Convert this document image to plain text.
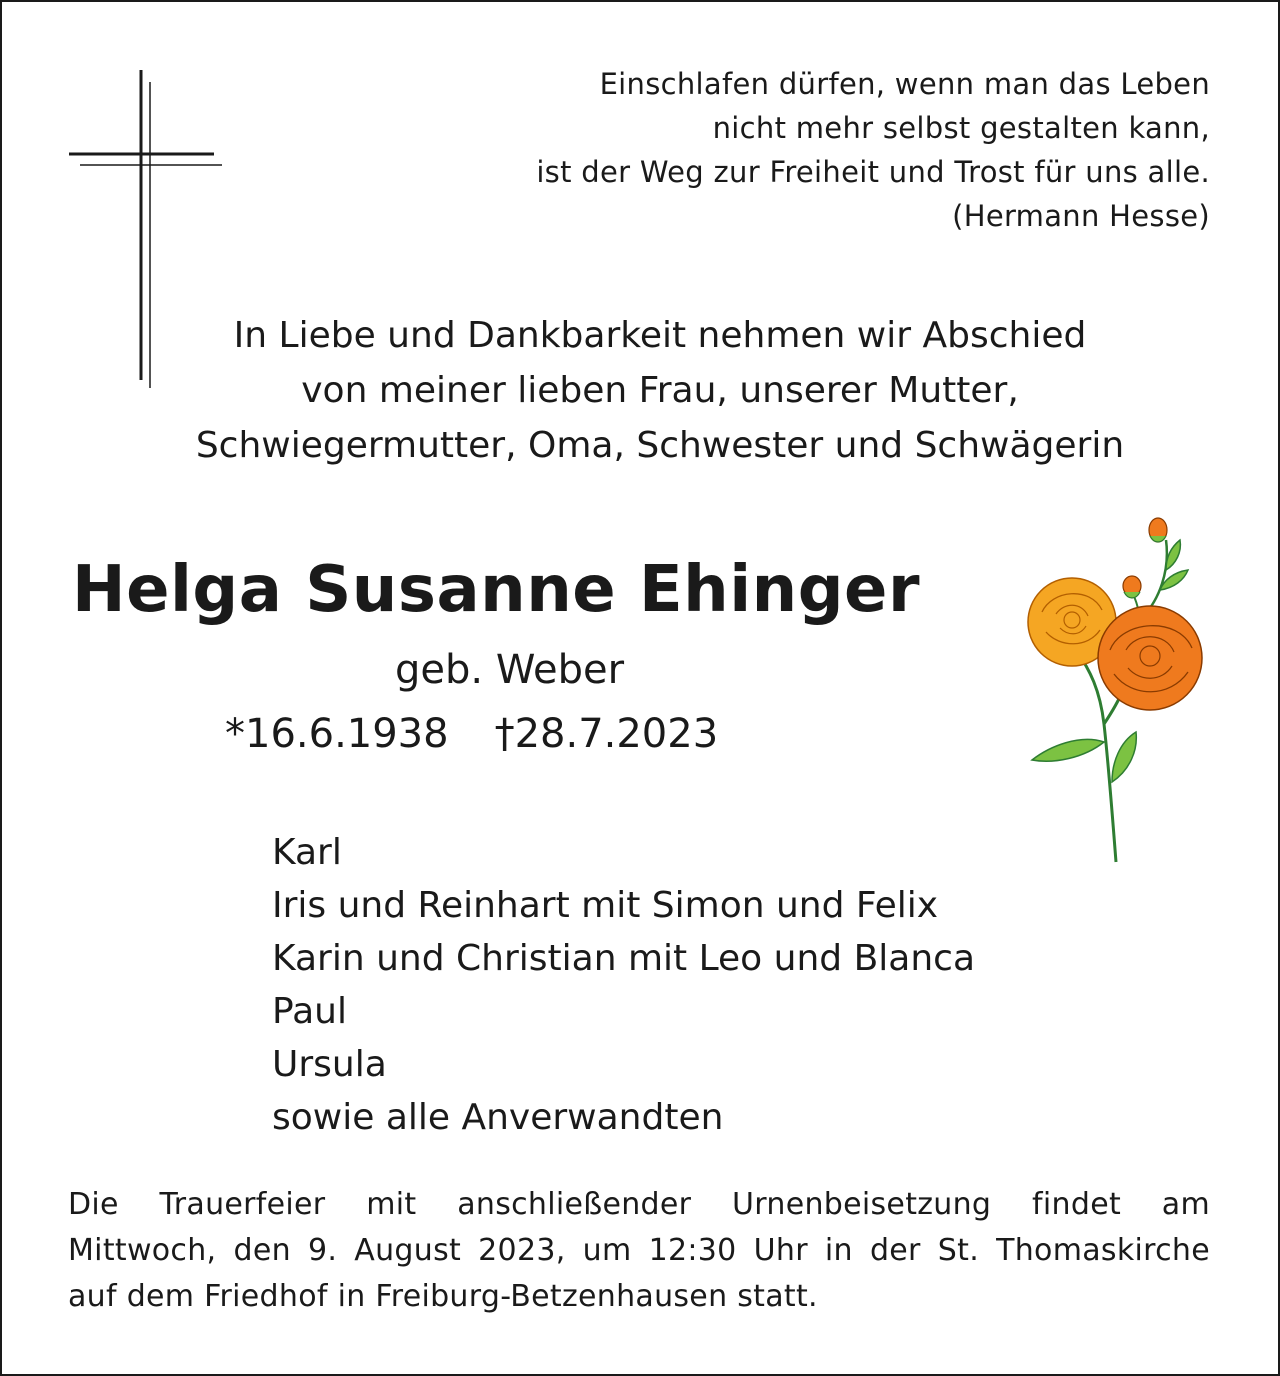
Einschlafen dürfen, wenn man das Leben
nicht mehr selbst gestalten kann,
ist der Weg zur Freiheit und Trost für uns alle.
(Hermann Hesse)
In Liebe und Dankbarkeit nehmen wir Abschied
von meiner lieben Frau, unserer Mutter,
Schwiegermutter, Oma, Schwester und Schwägerin
Helga Susanne Ehinger
geb. Weber
*16.6.1938 †28.7.2023
Karl
Iris und Reinhart mit Simon und Felix
Karin und Christian mit Leo und Blanca
Paul
Ursula
sowie alle Anverwandten
Die Trauerfeier mit anschließender Urnenbeisetzung findet am
Mittwoch, den 9. August 2023, um 12:30 Uhr in der St. Thomaskirche
auf dem Friedhof in Freiburg-Betzenhausen statt.
